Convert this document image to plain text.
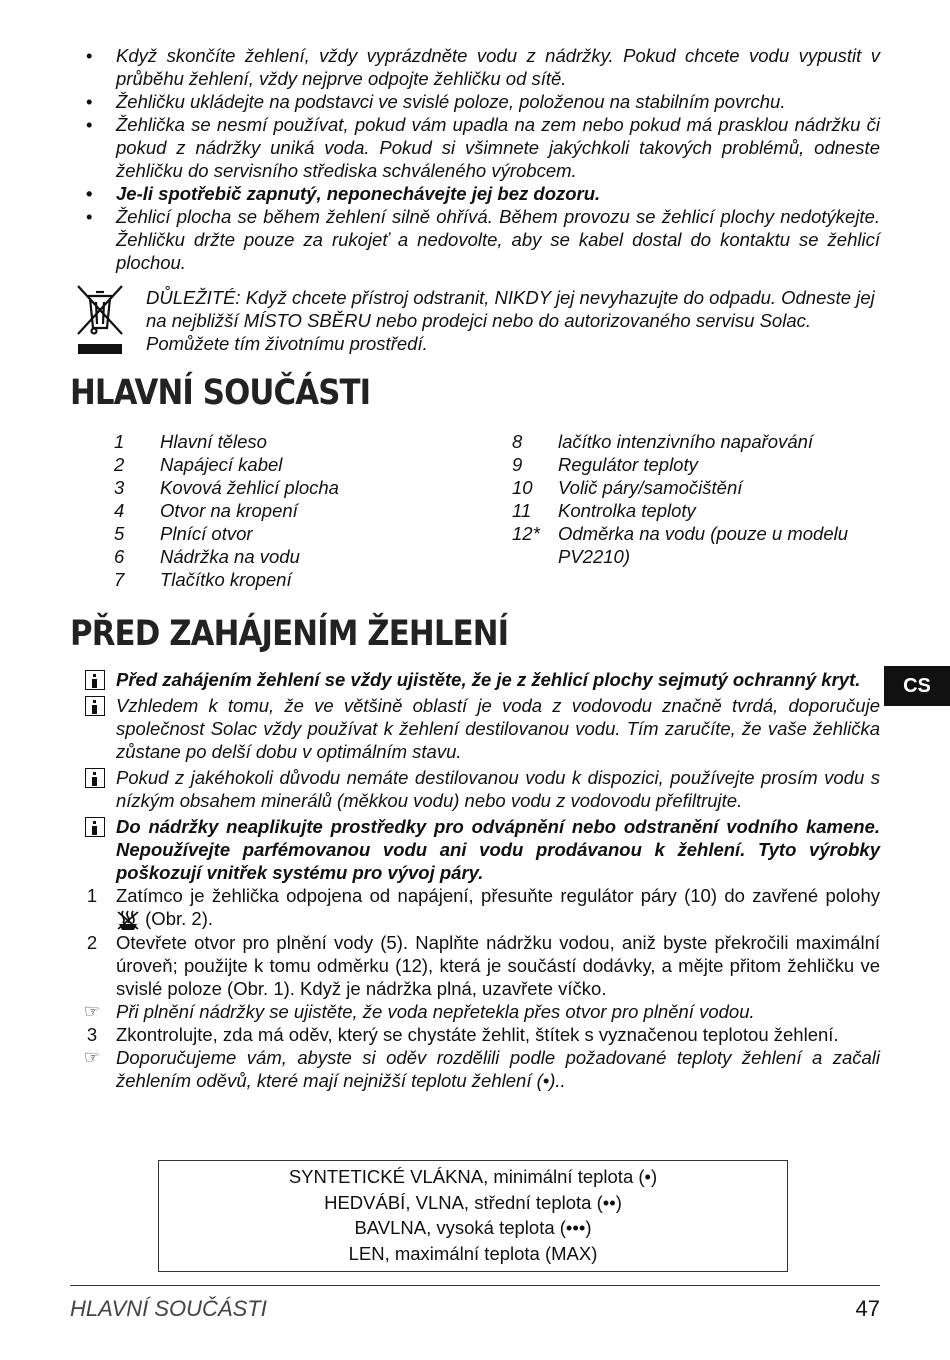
• Když skončíte žehlení, vždy vyprázdněte vodu z nádržky. Pokud chcete vodu vypustit v průběhu žehlení, vždy nejprve odpojte žehličku od sítě.
• Žehličku ukládejte na podstavci ve svislé poloze, položenou na stabilním povrchu.
• Žehlička se nesmí používat, pokud vám upadla na zem nebo pokud má prasklou nádržku či pokud z nádržky uniká voda. Pokud si všimnete jakýchkoli takových problémů, odneste žehličku do servisního střediska schváleného výrobcem.
• Je-li spotřebič zapnutý, neponechávejte jej bez dozoru.
• Žehlicí plocha se během žehlení silně ohřívá. Během provozu se žehlicí plochy nedotýkejte. Žehličku držte pouze za rukojeť a nedovolte, aby se kabel dostal do kontaktu se žehlicí plochou.
DŮLEŽITÉ: Když chcete přístroj odstranit, NIKDY jej nevyhazujte do odpadu. Odneste jej na nejbližší MÍSTO SBĚRU nebo prodejci nebo do autorizovaného servisu Solac. Pomůžete tím životnímu prostředí.
HLAVNÍ SOUČÁSTI
1	Hlavní těleso
2	Napájecí kabel
3	Kovová žehlicí plocha
4	Otvor na kropení
5	Plnící otvor
6	Nádržka na vodu
7	Tlačítko kropení
8	lačítko intenzivního napařování
9	Regulátor teploty
10	Volič páry/samočištění
11	Kontrolka teploty
12* Odměrka na vodu (pouze u modelu PV2210)
PŘED ZAHÁJENÍM ŽEHLENÍ
CS
Před zahájením žehlení se vždy ujistěte, že je z žehlicí plochy sejmutý ochranný kryt.
Vzhledem k tomu, že ve většině oblastí je voda z vodovodu značně tvrdá, doporučuje společnost Solac vždy používat k žehlení destilovanou vodu. Tím zaručíte, že vaše žehlička zůstane po delší dobu v optimálním stavu.
Pokud z jakéhokoli důvodu nemáte destilovanou vodu k dispozici, používejte prosím vodu s nízkým obsahem minerálů (měkkou vodu) nebo vodu z vodovodu přefiltrujte.
Do nádržky neaplikujte prostředky pro odvápnění nebo odstranění vodního kamene. Nepoužívejte parfémovanou vodu ani vodu prodávanou k žehlení. Tyto výrobky poškozují vnitřek systému pro vývoj páry.
1	Zatímco je žehlička odpojena od napájení, přesuňte regulátor páry (10) do zavřené polohy  (Obr. 2).
2	Otevřete otvor pro plnění vody (5). Naplňte nádržku vodou, aniž byste překročili maximální úroveň; použijte k tomu odměrku (12), která je součástí dodávky, a mějte přitom žehličku ve svislé poloze (Obr. 1). Když je nádržka plná, uzavřete víčko.
☞ Při plnění nádržky se ujistěte, že voda nepřetekla přes otvor pro plnění vodou.
3	Zkontrolujte, zda má oděv, který se chystáte žehlit, štítek s vyznačenou teplotou žehlení.
☞ Doporučujeme vám, abyste si oděv rozdělili podle požadované teploty žehlení a začali žehlením oděvů, které mají nejnižší teplotu žehlení (•)..
SYNTETICKÉ VLÁKNA, minimální teplota (•)
HEDVÁBÍ, VLNA, střední teplota (••)
BAVLNA, vysoká teplota (•••)
LEN, maximální teplota (MAX)
HLAVNÍ SOUČÁSTI	47
